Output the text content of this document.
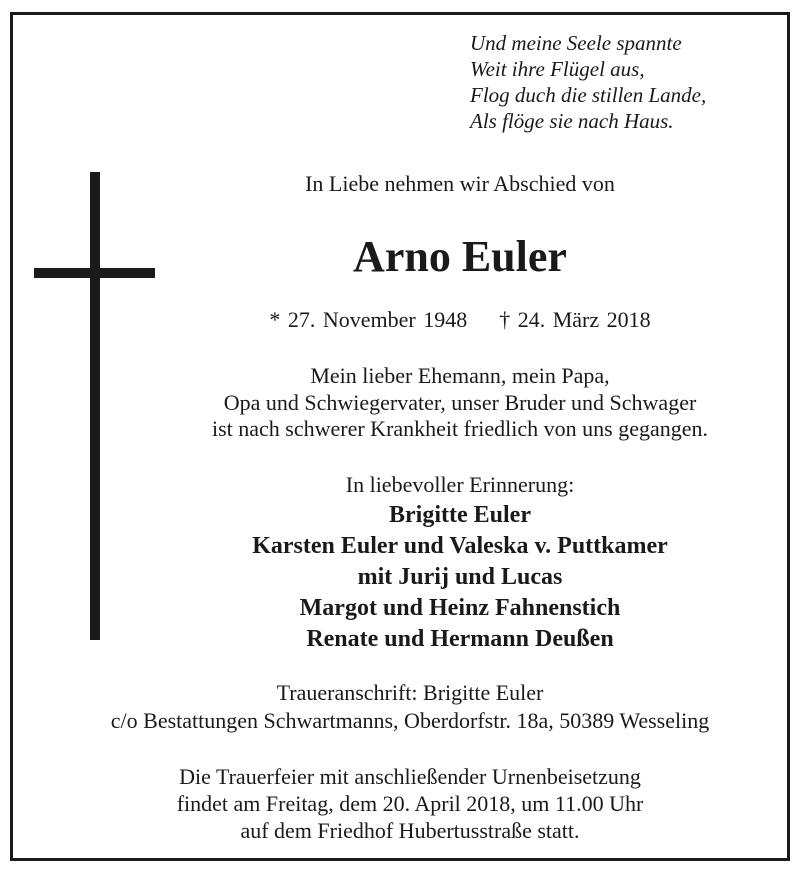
Und meine Seele spannte
Weit ihre Flügel aus,
Flog duch die stillen Lande,
Als flöge sie nach Haus.
In Liebe nehmen wir Abschied von
Arno Euler
* 27. November 1948 † 24. März 2018
Mein lieber Ehemann, mein Papa,
Opa und Schwiegervater, unser Bruder und Schwager
ist nach schwerer Krankheit friedlich von uns gegangen.
In liebevoller Erinnerung:
Brigitte Euler
Karsten Euler und Valeska v. Puttkamer
mit Jurij und Lucas
Margot und Heinz Fahnenstich
Renate und Hermann Deußen
Traueranschrift: Brigitte Euler
c/o Bestattungen Schwartmanns, Oberdorfstr. 18a, 50389 Wesseling
Die Trauerfeier mit anschließender Urnenbeisetzung
findet am Freitag, dem 20. April 2018, um 11.00 Uhr
auf dem Friedhof Hubertusstraße statt.
